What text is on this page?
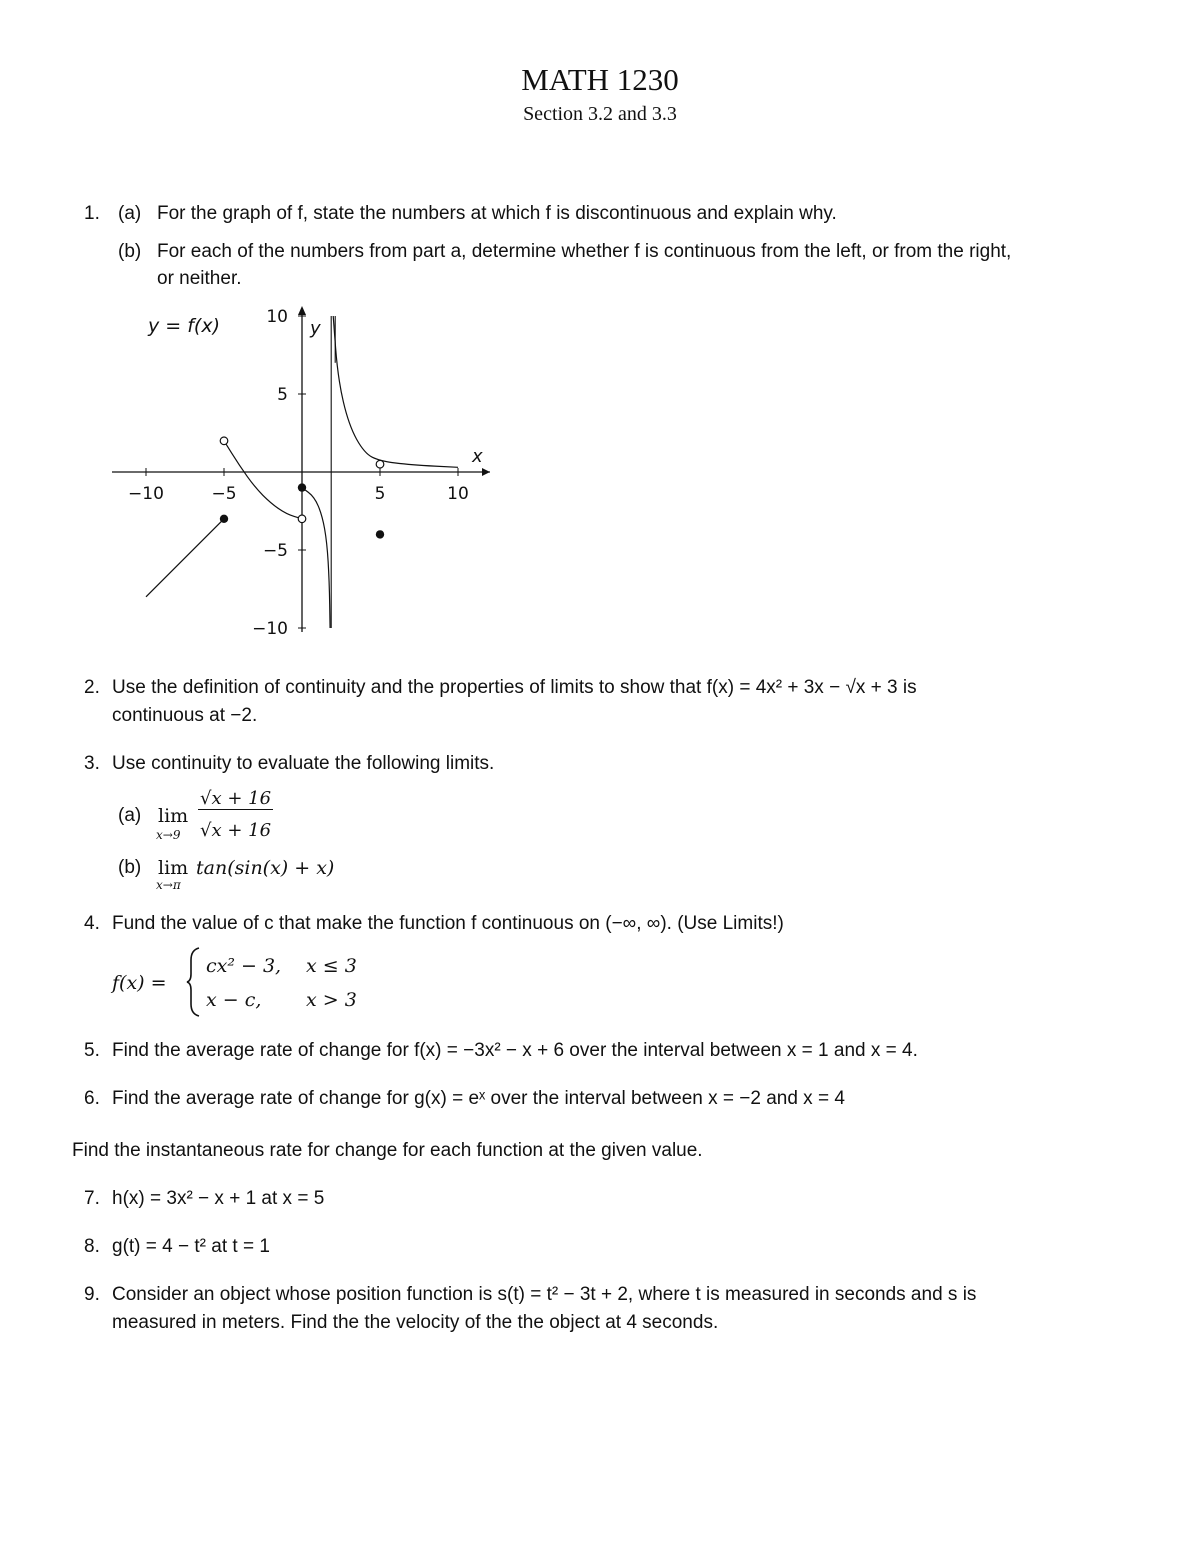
MATH 1230
Section 3.2 and 3.3
1. (a) For the graph of f, state the numbers at which f is discontinuous and explain why.
(b) For each of the numbers from part a, determine whether f is continuous from the left, or from the right,
or neither.
−10	−5	5	10
10
5
−5
−10
y = f(x)
x
y
2. Use the definition of continuity and the properties of limits to show that f(x) = 4x² + 3x − √x + 3 is
continuous at −2.
3. Use continuity to evaluate the following limits.
(a) lim
x→9
√x + 16
√x + 16
(b) lim
x→π
tan(sin(x) + x)
4. Fund the value of c that make the function f continuous on (−∞, ∞). (Use Limits!)
f(x) =
cx² − 3, x ≤ 3
x − c, x > 3
5. Find the average rate of change for f(x) = −3x² − x + 6 over the interval between x = 1 and x = 4.
6. Find the average rate of change for g(x) = eˣ over the interval between x = −2 and x = 4
Find the instantaneous rate for change for each function at the given value.
7. h(x) = 3x² − x + 1 at x = 5
8. g(t) = 4 − t² at t = 1
9. Consider an object whose position function is s(t) = t² − 3t + 2, where t is measured in seconds and s is
measured in meters. Find the the velocity of the the object at 4 seconds.
